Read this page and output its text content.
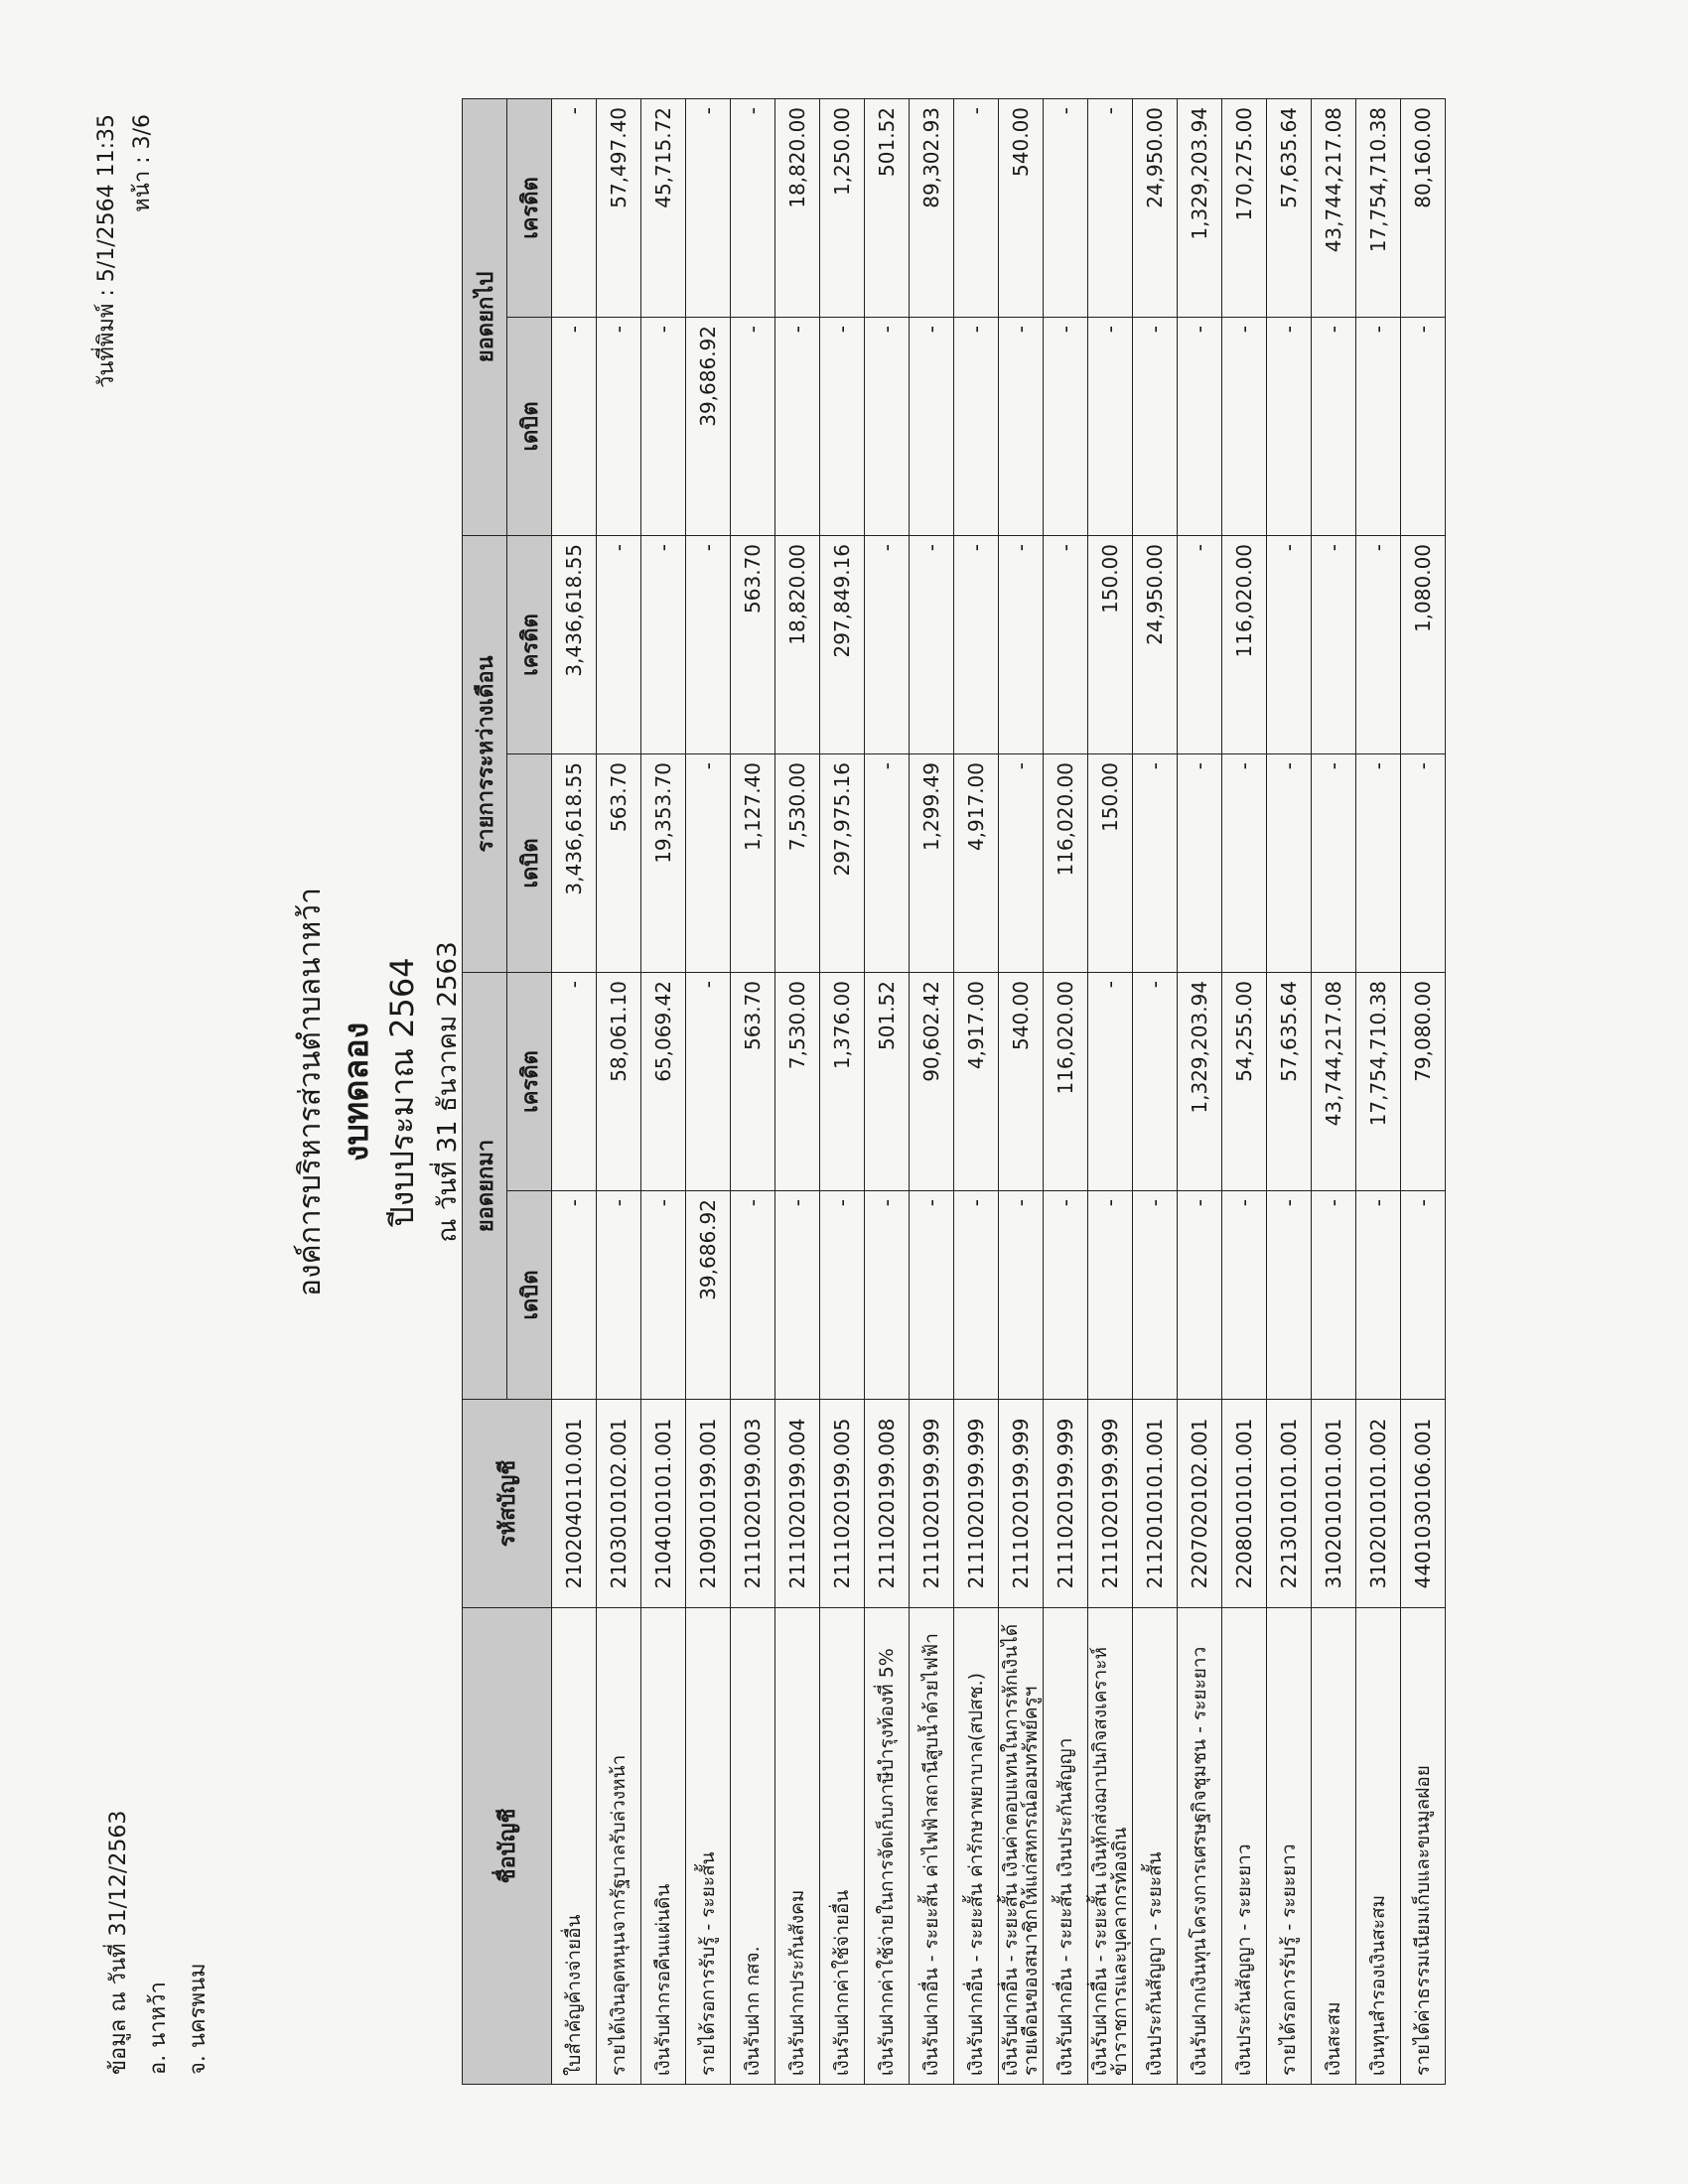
ข้อมูล ณ วันที่ 31/12/2563 อ. นาหว้า จ. นครพนม
วันที่พิมพ์ : 5/1/2564 11:35 หน้า : 3/6
องค์การบริหารส่วนตำบลนาหว้า งบทดลอง ปีงบประมาณ 2564 ณ วันที่ 31 ธันวาคม 2563
ชื่อบัญชี	รหัสบัญชี	ยอดยกมา		รายการระหว่างเดือน		ยอดยกไป	
		เดบิต	เครดิต	เดบิต	เครดิต	เดบิต	เครดิต
ใบสำคัญค้างจ่ายอื่น	2102040110.001	-	-	3,436,618.55	3,436,618.55	-	-
รายได้เงินอุดหนุนจากรัฐบาลรับล่วงหน้า	2103010102.001	-	58,061.10	563.70	-	-	57,497.40
เงินรับฝากรอคืนแผ่นดิน	2104010101.001	-	65,069.42	19,353.70	-	-	45,715.72
รายได้รอการรับรู้ - ระยะสั้น	2109010199.001	39,686.92	-	-	-	39,686.92	-
เงินรับฝาก กสจ.	2111020199.003	-	563.70	1,127.40	563.70	-	-
เงินรับฝากประกันสังคม	2111020199.004	-	7,530.00	7,530.00	18,820.00	-	18,820.00
เงินรับฝากค่าใช้จ่ายอื่น	2111020199.005	-	1,376.00	297,975.16	297,849.16	-	1,250.00
เงินรับฝากค่าใช้จ่ายในการจัดเก็บภาษีบำรุงท้องที่ 5%	2111020199.008	-	501.52	-	-	-	501.52
เงินรับฝากอื่น - ระยะสั้น ค่าไฟฟ้าสถานีสูบน้ำด้วยไฟฟ้า	2111020199.999	-	90,602.42	1,299.49	-	-	89,302.93
เงินรับฝากอื่น - ระยะสั้น ค่ารักษาพยาบาล(สปสช.)	2111020199.999	-	4,917.00	4,917.00	-	-	-
เงินรับฝากอื่น - ระยะสั้น เงินค่าตอบแทนในการหักเงินได้รายเดือนของสมาชิกให้แก่สหกรณ์ออมทรัพย์ครูฯ	2111020199.999	-	540.00	-	-	-	540.00
เงินรับฝากอื่น - ระยะสั้น เงินประกันสัญญา	2111020199.999	-	116,020.00	116,020.00	-	-	-
เงินรับฝากอื่น - ระยะสั้น เงินหักส่งฌาปนกิจสงเคราะห์ข้าราชการและบุคลากรท้องถิ่น	2111020199.999	-	-	150.00	150.00	-	-
เงินประกันสัญญา - ระยะสั้น	2112010101.001	-	-	-	24,950.00	-	24,950.00
เงินรับฝากเงินทุนโครงการเศรษฐกิจชุมชน - ระยะยาว	2207020102.001	-	1,329,203.94	-	-	-	1,329,203.94
เงินประกันสัญญา - ระยะยาว	2208010101.001	-	54,255.00	-	116,020.00	-	170,275.00
รายได้รอการรับรู้ - ระยะยาว	2213010101.001	-	57,635.64	-	-	-	57,635.64
เงินสะสม	3102010101.001	-	43,744,217.08	-	-	-	43,744,217.08
เงินทุนสำรองเงินสะสม	3102010101.002	-	17,754,710.38	-	-	-	17,754,710.38
รายได้ค่าธรรมเนียมเก็บและขนมูลฝอย	4401030106.001	-	79,080.00	-	1,080.00	-	80,160.00
